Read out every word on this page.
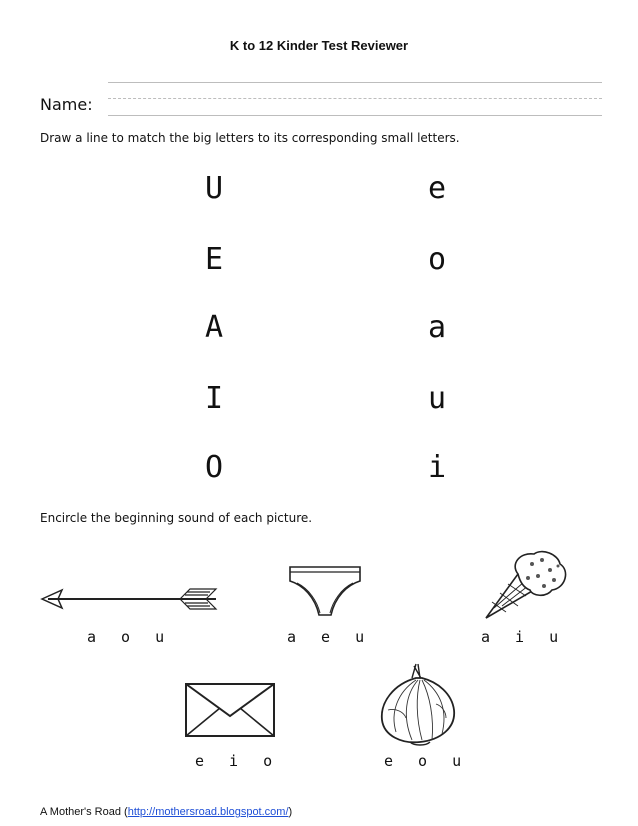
K to 12 Kinder Test Reviewer
Name:
Draw a line to match the big letters to its corresponding small letters.
U
E
A
I
O
e
o
a
u
i
Encircle the beginning sound of each picture.
a o u	a e u	a i u
e i o	e o u
A Mother's Road (http://mothersroad.blogspot.com/)
